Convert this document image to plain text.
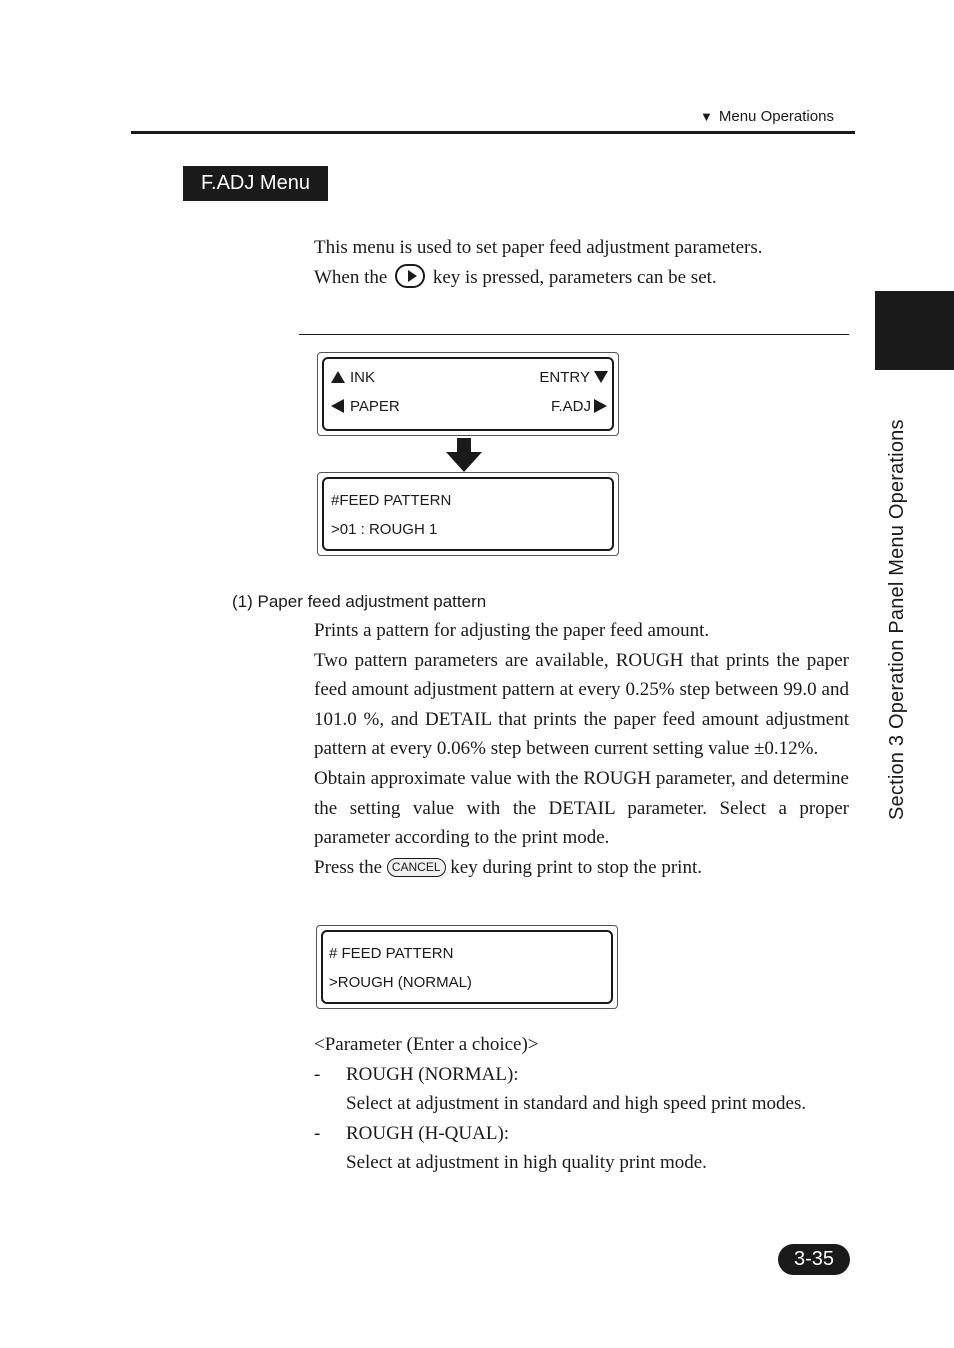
▼ Menu Operations
F.ADJ Menu
This menu is used to set paper feed adjustment parameters.
When the key is pressed, parameters can be set.
INK	ENTRY
PAPER	F.ADJ
#FEED PATTERN
>01 : ROUGH 1
(1) Paper feed adjustment pattern

Prints a pattern for adjusting the paper feed amount.

Two pattern parameters are available, ROUGH that prints the paper feed amount adjustment pattern at every 0.25% step between 99.0 and 101.0 %, and DETAIL that prints the paper feed amount adjustment pattern at every 0.06% step between current setting value ±0.12%.

Obtain approximate value with the ROUGH parameter, and determine the setting value with the DETAIL parameter. Select a proper parameter according to the print mode.

Press the CANCEL key during print to stop the print.

# FEED PATTERN
>ROUGH (NORMAL)
<Parameter (Enter a choice)>
-	ROUGH (NORMAL):
Select at adjustment in standard and high speed print modes.
-	ROUGH (H-QUAL):
Select at adjustment in high quality print mode.
Section 3 Operation Panel Menu Operations
3-35
